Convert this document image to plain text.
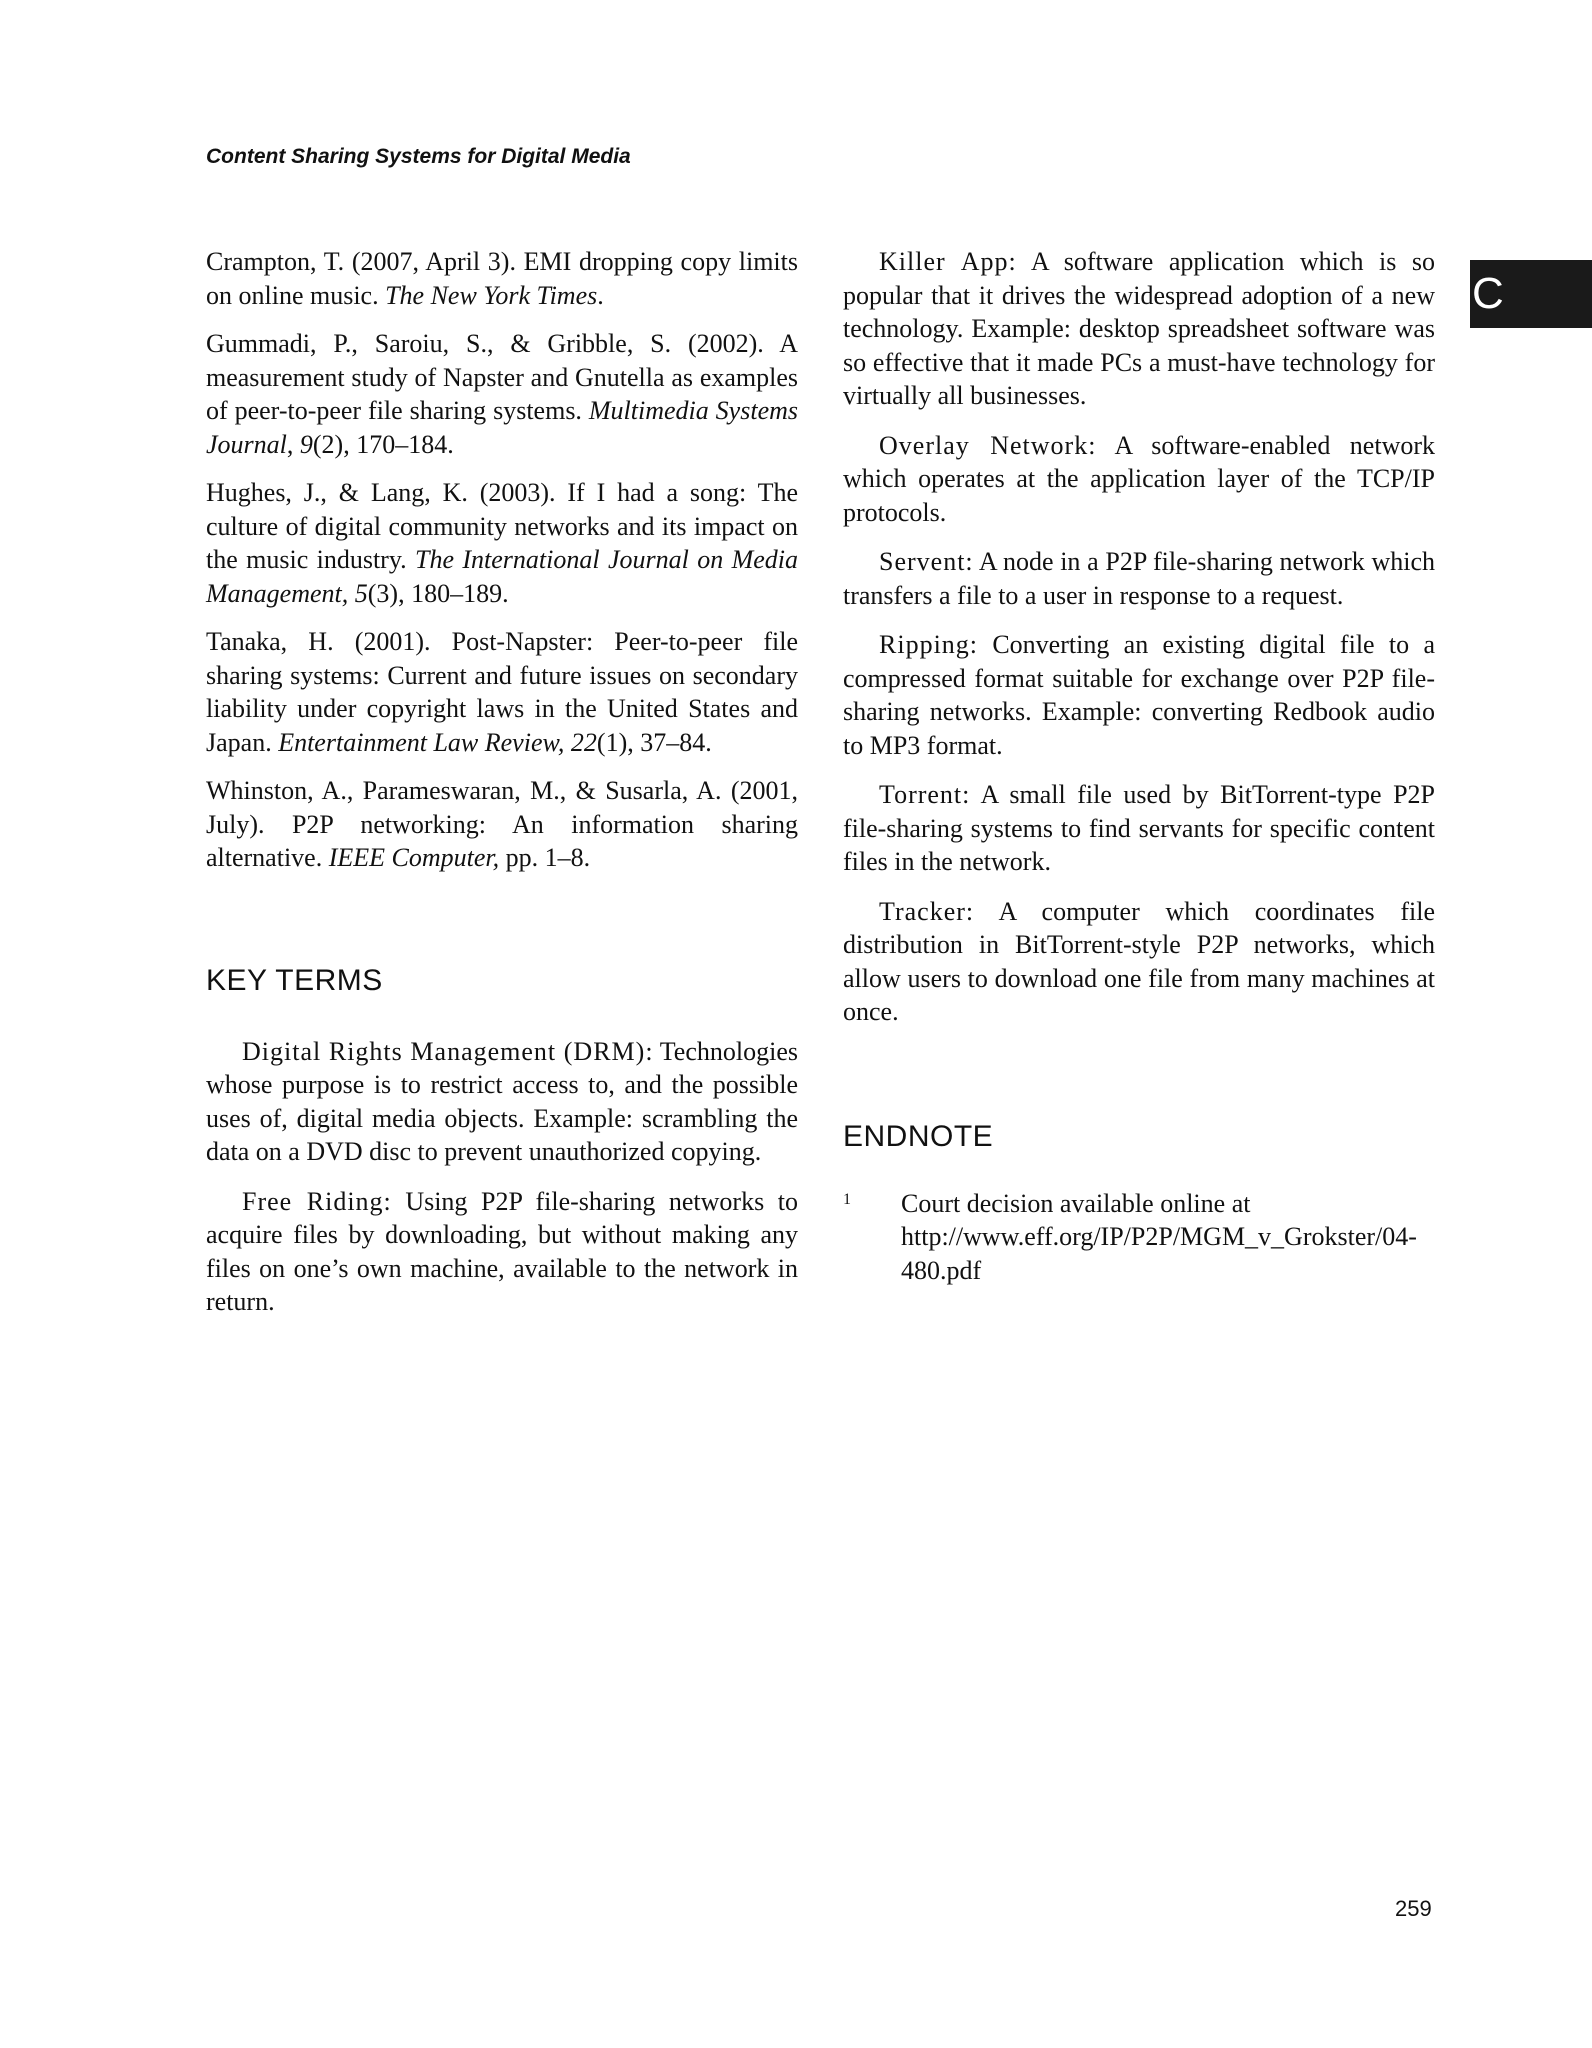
Content Sharing Systems for Digital Media
C

Crampton, T. (2007, April 3). EMI dropping copy limits on online music. The New York Times.

Gummadi, P., Saroiu, S., & Gribble, S. (2002). A measurement study of Napster and Gnutella as examples of peer-to-peer file sharing systems. Multimedia Systems Journal, 9(2), 170–184.

Hughes, J., & Lang, K. (2003). If I had a song: The culture of digital community networks and its impact on the music industry. The International Journal on Media Management, 5(3), 180–189.

Tanaka, H. (2001). Post-Napster: Peer-to-peer file sharing systems: Current and future issues on secondary liability under copyright laws in the United States and Japan. Entertainment Law Review, 22(1), 37–84.

Whinston, A., Parameswaran, M., & Susarla, A. (2001, July). P2P networking: An information sharing alternative. IEEE Computer, pp. 1–8.

KEY TERMS

Digital Rights Management (DRM): Technologies whose purpose is to restrict access to, and the possible uses of, digital media objects. Example: scrambling the data on a DVD disc to prevent unauthorized copying.

Free Riding: Using P2P file-sharing networks to acquire files by downloading, but without making any files on one’s own machine, available to the network in return.

Killer App: A software application which is so popular that it drives the widespread adoption of a new technology. Example: desktop spreadsheet software was so effective that it made PCs a must-have technology for virtually all businesses.

Overlay Network: A software-enabled network which operates at the application layer of the TCP/IP protocols.

Servent: A node in a P2P file-sharing network which transfers a file to a user in response to a request.

Ripping: Converting an existing digital file to a compressed format suitable for exchange over P2P file-sharing networks. Example: converting Redbook audio to MP3 format.

Torrent: A small file used by BitTorrent-type P2P file-sharing systems to find servants for specific content files in the network.

Tracker: A computer which coordinates file distribution in BitTorrent-style P2P networks, which allow users to download one file from many machines at once.

ENDNOTE

1 Court decision available online at http://www.eff.org/IP/P2P/MGM_v_Grokster/04-480.pdf

259
